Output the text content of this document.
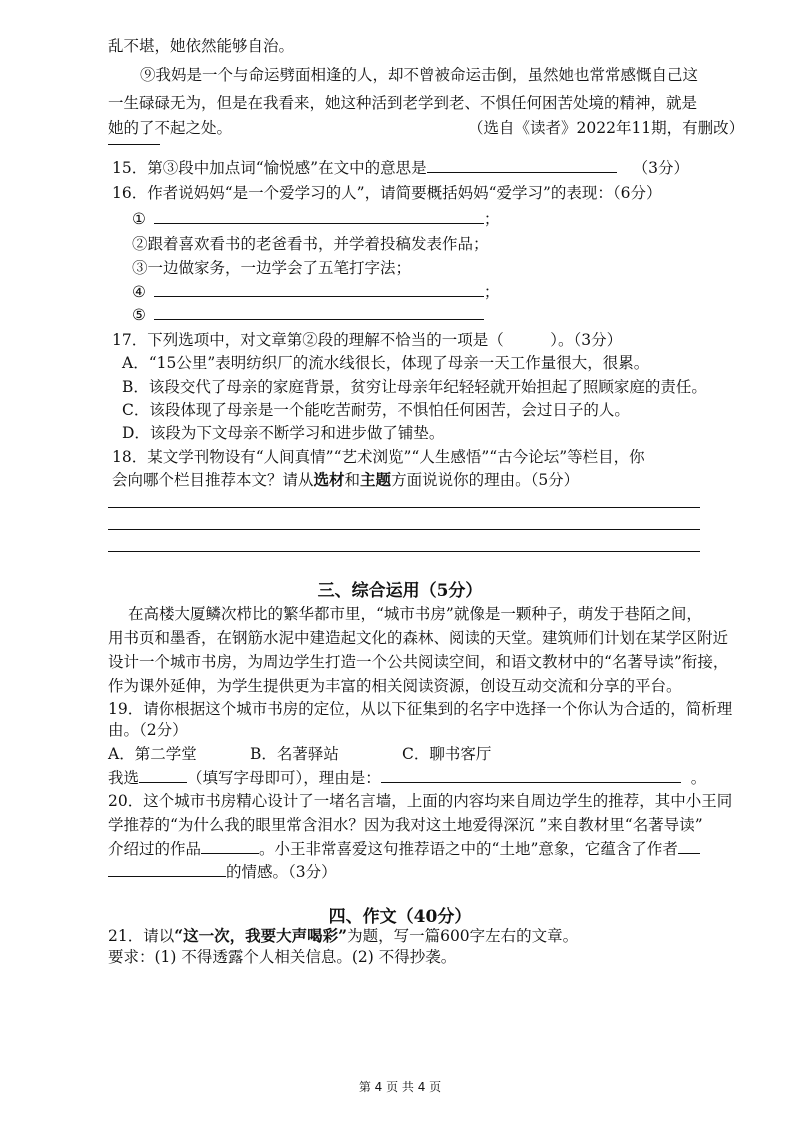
乱不堪，她依然能够自治。
⑨我妈是一个与命运劈面相逢的人，却不曾被命运击倒，虽然她也常常感慨自己这
一生碌碌无为，但是在我看来，她这种活到老学到老、不惧任何困苦处境的精神，就是
她的了不起之处。	（选自《读者》2022年11期，有删改）
15．第③段中加点词“愉悦感”在文中的意思是	（3分）
16．作者说妈妈“是一个爱学习的人”，请简要概括妈妈“爱学习”的表现：（6分）
①	；
②跟着喜欢看书的老爸看书，并学着投稿发表作品；
③一边做家务，一边学会了五笔打字法；
④	；
⑤
17．下列选项中，对文章第②段的理解不恰当的一项是（　　　）。（3分）
A．“15公里”表明纺织厂的流水线很长，体现了母亲一天工作量很大，很累。
B．该段交代了母亲的家庭背景，贫穷让母亲年纪轻轻就开始担起了照顾家庭的责任。
C．该段体现了母亲是一个能吃苦耐劳，不惧怕任何困苦，会过日子的人。
D．该段为下文母亲不断学习和进步做了铺垫。
18．某文学刊物设有“人间真情”“艺术浏览”“人生感悟”“古今论坛”等栏目，你
会向哪个栏目推荐本文？请从选材和主题方面说说你的理由。（5分）
三、综合运用（5分）
在高楼大厦鳞次栉比的繁华都市里，“城市书房”就像是一颗种子，萌发于巷陌之间，
用书页和墨香，在钢筋水泥中建造起文化的森林、阅读的天堂。建筑师们计划在某学区附近
设计一个城市书房，为周边学生打造一个公共阅读空间，和语文教材中的“名著导读”衔接，
作为课外延伸，为学生提供更为丰富的相关阅读资源，创设互动交流和分享的平台。
19．请你根据这个城市书房的定位，从以下征集到的名字中选择一个你认为合适的，简析理
由。（2分）
A．第二学堂	B．名著驿站	C．聊书客厅
我选	（填写字母即可），理由是：	。
20．这个城市书房精心设计了一堵名言墙，上面的内容均来自周边学生的推荐，其中小王同
学推荐的“为什么我的眼里常含泪水？因为我对这土地爱得深沉 ”来自教材里“名著导读”
介绍过的作品	。小王非常喜爱这句推荐语之中的“土地”意象，它蕴含了作者
的情感。（3分）
四、作文（40分）
21．请以“这一次，我要大声喝彩”为题，写一篇600字左右的文章。
要求：(1) 不得透露个人相关信息。(2) 不得抄袭。
第 4 页 共 4 页
